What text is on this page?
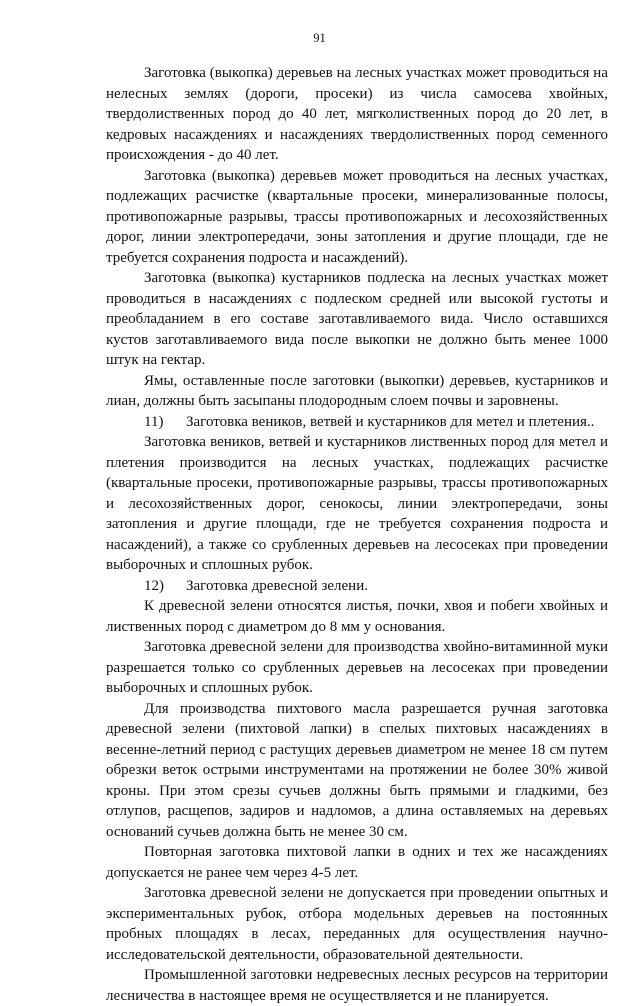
91

Заготовка (выкопка) деревьев на лесных участках может проводиться на нелесных землях (дороги, просеки) из числа самосева хвойных, твердолиственных пород до 40 лет, мягколиственных пород до 20 лет, в кедровых насаждениях и насаждениях твердолиственных пород семенного происхождения - до 40 лет.

Заготовка (выкопка) деревьев может проводиться на лесных участках, подлежащих расчистке (квартальные просеки, минерализованные полосы, противопожарные разрывы, трассы противопожарных и лесохозяйственных дорог, линии электропередачи, зоны затопления и другие площади, где не требуется сохранения подроста и насаждений).

Заготовка (выкопка) кустарников подлеска на лесных участках может проводиться в насаждениях с подлеском средней или высокой густоты и преобладанием в его составе заготавливаемого вида. Число оставшихся кустов заготавливаемого вида после выкопки не должно быть менее 1000 штук на гектар.

Ямы, оставленные после заготовки (выкопки) деревьев, кустарников и лиан, должны быть засыпаны плодородным слоем почвы и заровнены.

11) Заготовка веников, ветвей и кустарников для метел и плетения..

Заготовка веников, ветвей и кустарников лиственных пород для метел и плетения производится на лесных участках, подлежащих расчистке (квартальные просеки, противопожарные разрывы, трассы противопожарных и лесохозяйственных дорог, сенокосы, линии электропередачи, зоны затопления и другие площади, где не требуется сохранения подроста и насаждений), а также со срубленных деревьев на лесосеках при проведении выборочных и сплошных рубок.

12) Заготовка древесной зелени.

К древесной зелени относятся листья, почки, хвоя и побеги хвойных и лиственных пород с диаметром до 8 мм у основания.

Заготовка древесной зелени для производства хвойно-витаминной муки разрешается только со срубленных деревьев на лесосеках при проведении выборочных и сплошных рубок.

Для производства пихтового масла разрешается ручная заготовка древесной зелени (пихтовой лапки) в спелых пихтовых насаждениях в весенне-летний период с растущих деревьев диаметром не менее 18 см путем обрезки веток острыми инструментами на протяжении не более 30% живой кроны. При этом срезы сучьев должны быть прямыми и гладкими, без отлупов, расщепов, задиров и надломов, а длина оставляемых на деревьях оснований сучьев должна быть не менее 30 см.

Повторная заготовка пихтовой лапки в одних и тех же насаждениях допускается не ранее чем через 4-5 лет.

Заготовка древесной зелени не допускается при проведении опытных и экспериментальных рубок, отбора модельных деревьев на постоянных пробных площадях в лесах, переданных для осуществления научно-исследовательской деятельности, образовательной деятельности.

Промышленной заготовки недревесных лесных ресурсов на территории лесничества в настоящее время не осуществляется и не планируется.
